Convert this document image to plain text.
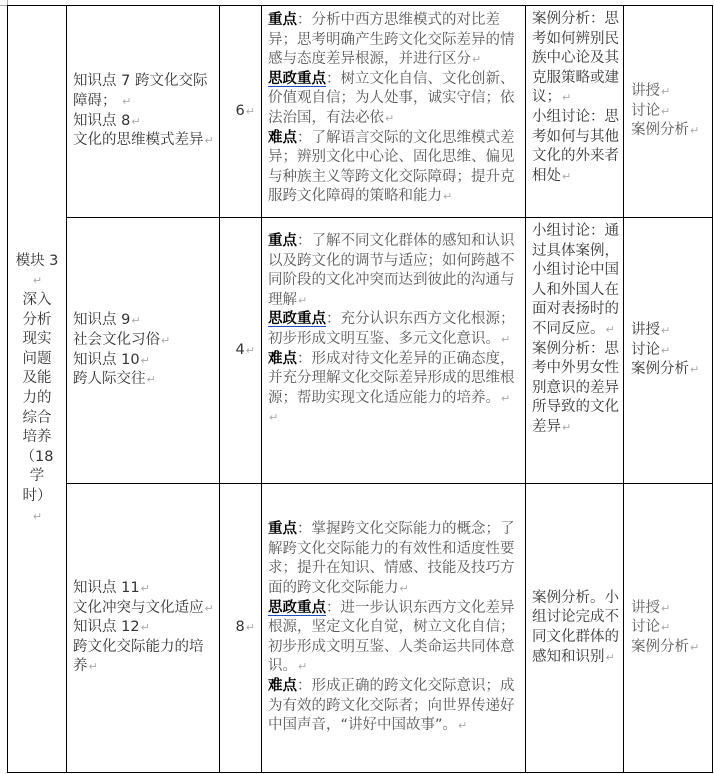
模块 3 ↵
深入分析现实问题及能力的综合培养（18学时） ↵	知识点 7 跨文化交际障碍； ↵
知识点 8 ↵
文化的思维模式差异 ↵	6 ↵	重点：分析中西方思维模式的对比差异；思考明确产生跨文化交际差异的情感与态度差异根源，并进行区分 ↵
思政重点：树立文化自信、文化创新、价值观自信；为人处事，诚实守信；依法治国，有法必依 ↵
难点：了解语言交际的文化思维模式差异；辨别文化中心论、固化思维、偏见与种族主义等跨文化交际障碍；提升克服跨文化障碍的策略和能力 ↵	案例分析：思考如何辨别民族中心论及其克服策略或建议； ↵
小组讨论：思考如何与其他文化的外来者相处 ↵	讲授 ↵
讨论 ↵
案例分析 ↵

	知识点 9 ↵
社会文化习俗 ↵
知识点 10 ↵
跨人际交往 ↵	4 ↵	重点：了解不同文化群体的感知和认识以及跨文化的调节与适应；如何跨越不同阶段的文化冲突而达到彼此的沟通与理解 ↵
思政重点：充分认识东西方文化根源；初步形成文明互鉴、多元文化意识。 ↵
难点：形成对待文化差异的正确态度，并充分理解文化交际差异形成的思维根源；帮助实现文化适应能力的培养。 ↵
↵	小组讨论：通过具体案例，小组讨论中国人和外国人在面对表扬时的不同反应。 ↵
案例分析：思考中外男女性别意识的差异所导致的文化差异 ↵	讲授 ↵
讨论 ↵
案例分析 ↵

	知识点 11 ↵
文化冲突与文化适应 ↵
知识点 12 ↵
跨文化交际能力的培养 ↵	8 ↵	重点：掌握跨文化交际能力的概念；了解跨文化交际能力的有效性和适度性要求；提升在知识、情感、技能及技巧方面的跨文化交际能力 ↵
思政重点：进一步认识东西方文化差异根源，坚定文化自觉，树立文化自信；初步形成文明互鉴、人类命运共同体意识。 ↵
难点：形成正确的跨文化交际意识；成为有效的跨文化交际者；向世界传递好中国声音，“讲好中国故事”。 ↵	案例分析。小组讨论完成不同文化群体的感知和识别 ↵	讲授 ↵
讨论 ↵
案例分析 ↵
